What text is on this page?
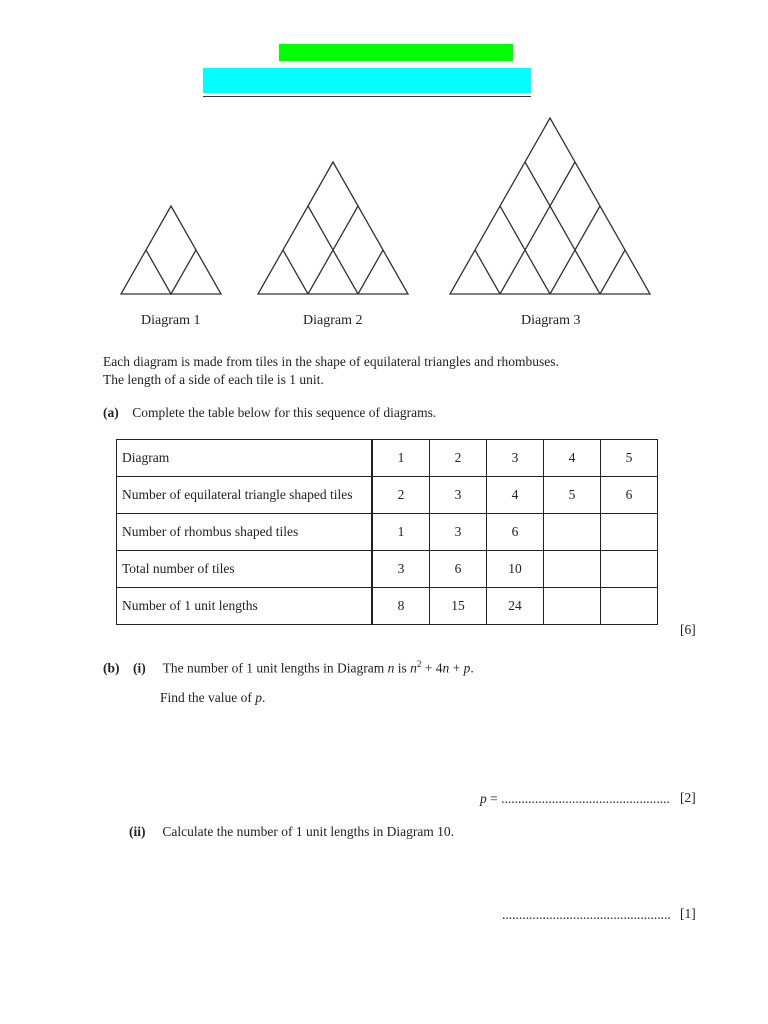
Diagram 1	Diagram 2	Diagram 3
Each diagram is made from tiles in the shape of equilateral triangles and rhombuses.
The length of a side of each tile is 1 unit.
(a) Complete the table below for this sequence of diagrams.
Diagram	1	2	3	4	5
Number of equilateral triangle shaped tiles	2	3	4	5	6
Number of rhombus shaped tiles	1	3	6		
Total number of tiles	3	6	10		
Number of 1 unit lengths	8	15	24		
[6]
(b) (i) The number of 1 unit lengths in Diagram n is $n^2 + 4n + p$.
Find the value of p.
p = .................................................. [2]
(ii) Calculate the number of 1 unit lengths in Diagram 10.
.................................................. [1]
